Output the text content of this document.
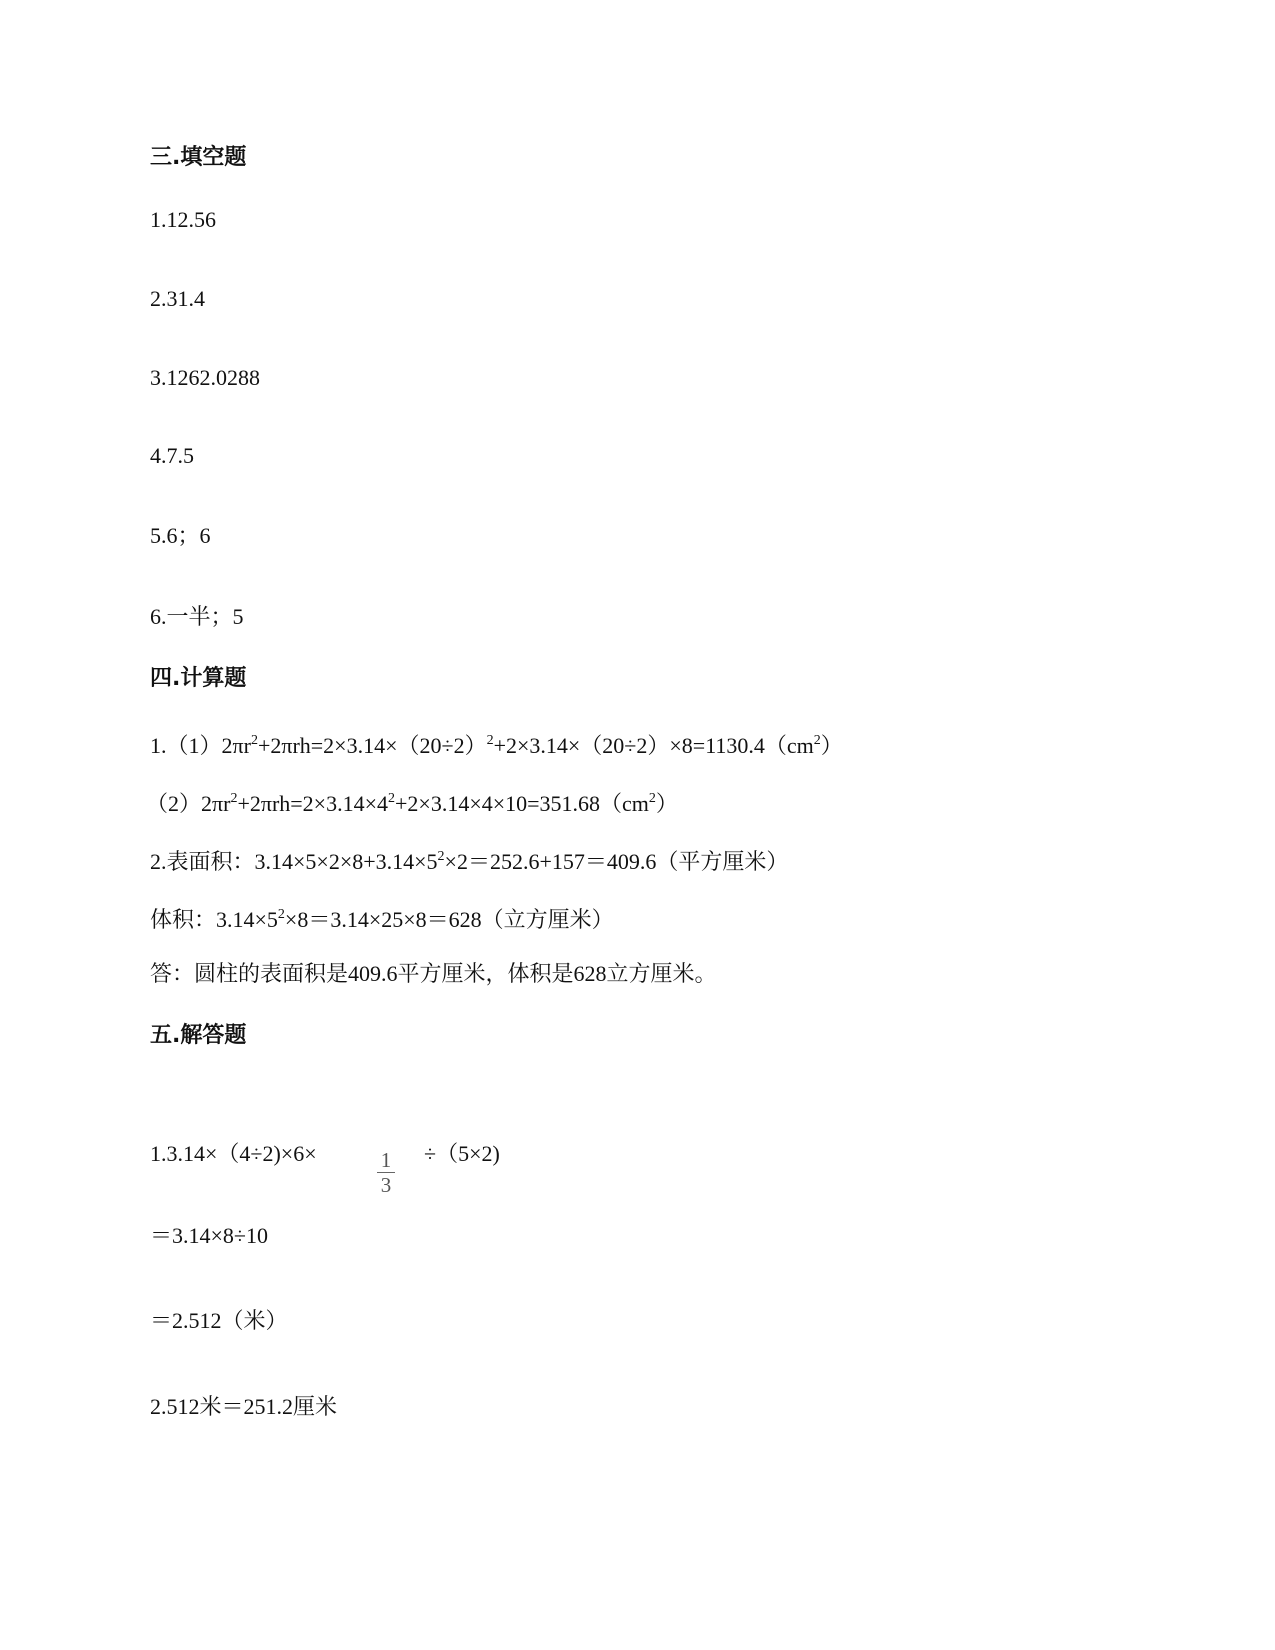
三.填空题
1.12.56
2.31.4
3.1262.0288
4.7.5
5.6；6
6.一半；5
四.计算题
$1.(1)2\pi r^2+2\pi rh=2\times 3.14\times(20\div 2)^2+2\times 3.14\times(20\div 2)\times 8=1130.4(cm^2)$
$(2)2\pi r^2+2\pi rh=2\times 3.14\times 4^2+2\times 3.14\times 4\times 10=351.68(cm^2)$
2.表面积：$3.14\times 5\times 2\times 8+3.14\times 5^2\times 2=252.6+157=409.6$（平方厘米）
体积：$3.14\times 5^2\times 8=3.14\times 25\times 8=628$（立方厘米）
答：圆柱的表面积是409.6平方厘米，体积是628立方厘米。
五.解答题
1.3.14×（4÷2)×6×	1
3
÷（5×2)
＝3.14×8÷10
＝2.512（米）
2.512米＝251.2厘米
